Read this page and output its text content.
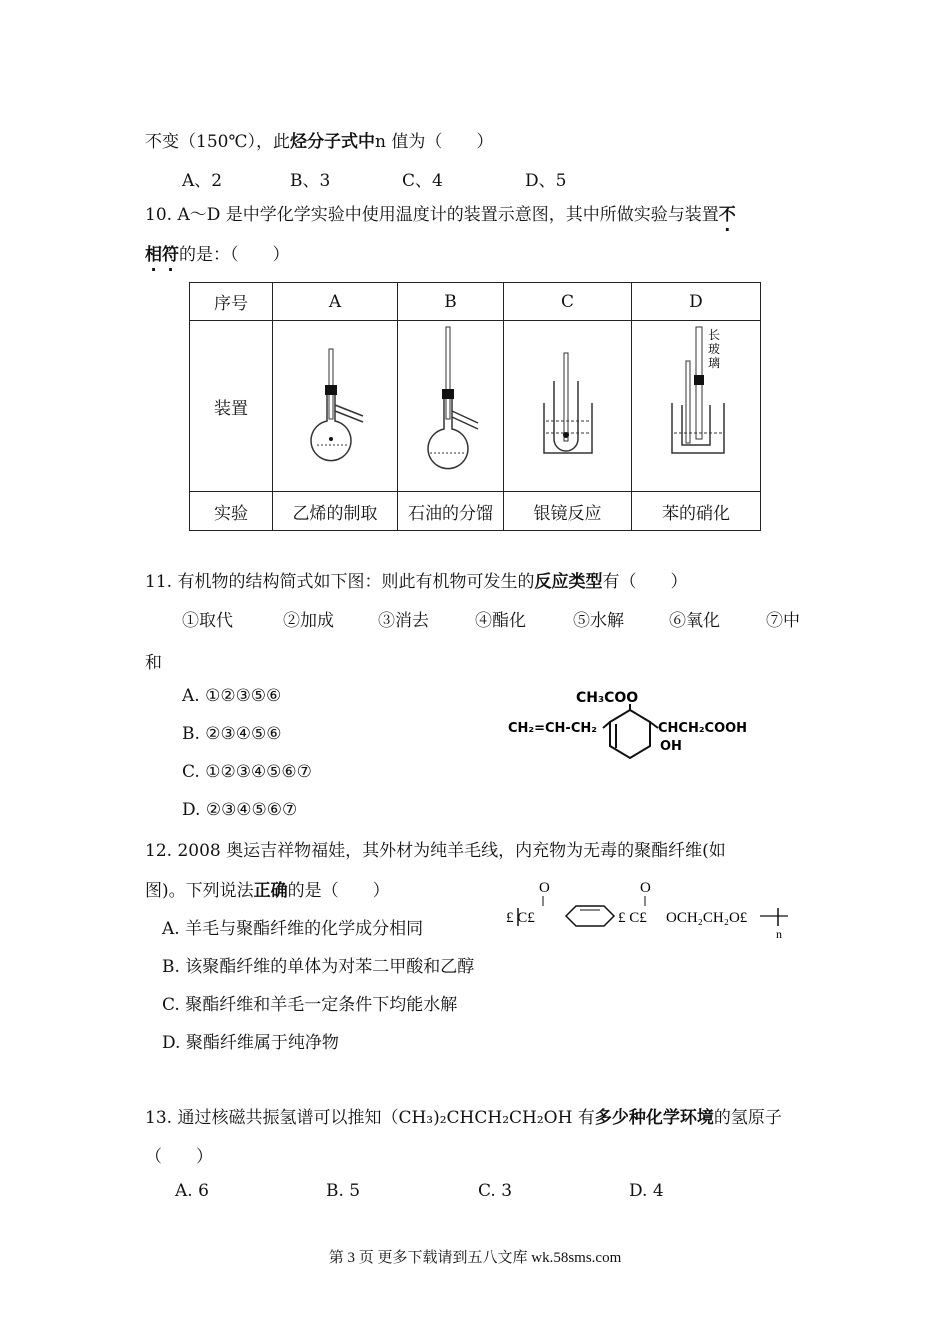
不变（150℃），此烃分子式中n 值为（　　）
A、2	B、3	C、4	D、5
10. A～D 是中学化学实验中使用温度计的装置示意图，其中所做实验与装置不
相符的是：（　　）
序号	A	B	C	D
装置				长
玻
璃

实验	乙烯的制取	石油的分馏	银镜反应	苯的硝化
11. 有机物的结构简式如下图：则此有机物可发生的反应类型有（　　）
①取代	②加成	③消去	④酯化	⑤水解	⑥氧化	⑦中
和
A. ①②③⑤⑥
B. ②③④⑤⑥
C. ①②③④⑤⑥⑦
D. ②③④⑤⑥⑦
CH₃COO
CH₂=CH-CH₂	CHCH₂COOH
OH
12. 2008 奥运吉祥物福娃，其外材为纯羊毛线，内充物为无毒的聚酯纤维(如
图)。下列说法正确的是（　　）
A. 羊毛与聚酯纤维的化学成分相同
B. 该聚酯纤维的单体为对苯二甲酸和乙醇
C. 聚酯纤维和羊毛一定条件下均能水解
D. 聚酯纤维属于纯净物
O	O
£ C£	£ C£ OCH₂CH₂O£
n
13. 通过核磁共振氢谱可以推知（CH₃)₂CHCH₂CH₂OH 有多少种化学环境的氢原子
（　　）
A. 6	B. 5	C. 3	D. 4
第 3 页 更多下载请到五八文库 wk.58sms.com
